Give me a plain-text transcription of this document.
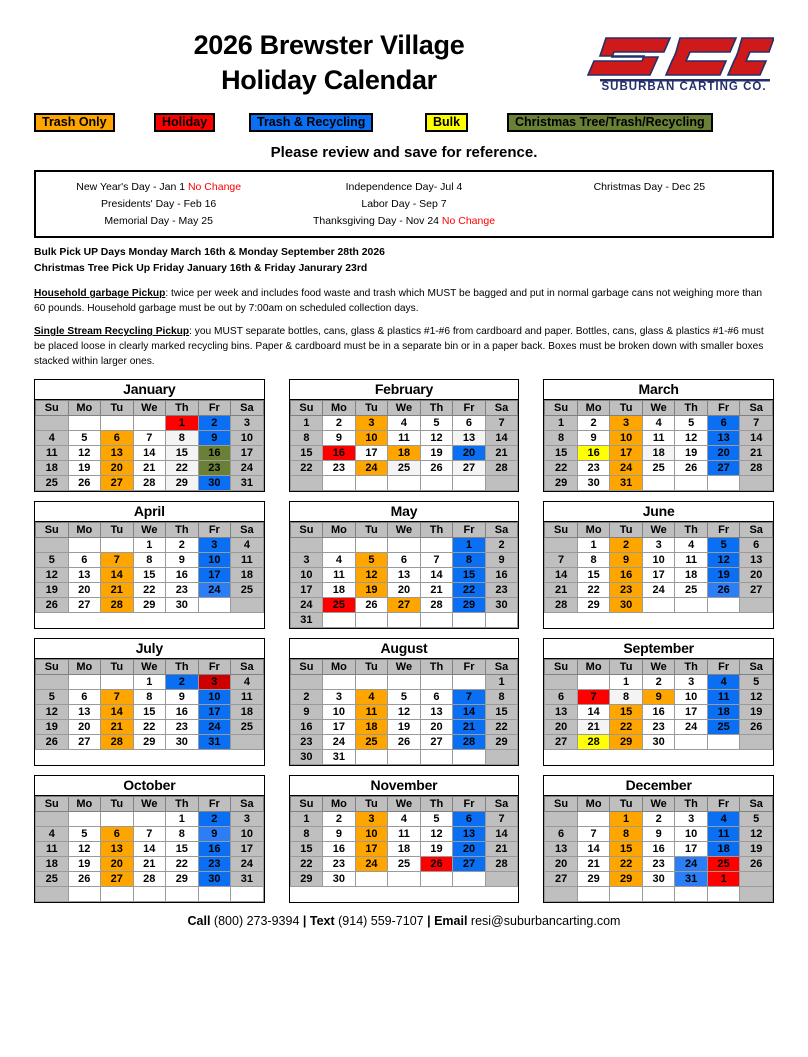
2026 Brewster Village
Holiday Calendar	SUBURBAN CARTING CO.
Trash Only	Holiday	Trash & Recycling	Bulk	Christmas Tree/Trash/Recycling
Please review and save for reference.
New Year's Day - Jan 1 No Change
Presidents' Day - Feb 16
Memorial Day - May 25
Independence Day- Jul 4
Labor Day - Sep 7
Thanksgiving Day - Nov 24 No Change
Christmas Day - Dec 25

Bulk Pick UP Days Monday March 16th & Monday September 28th 2026

Christmas Tree Pick Up Friday January 16th & Friday Janurary 23rd

Household garbage Pickup: twice per week and includes food waste and trash which MUST be bagged and put in normal garbage cans not weighing more than 60 pounds. Household garbage must be out by 7:00am on scheduled collection days.

Single Stream Recycling Pickup: you MUST separate bottles, cans, glass & plastics #1-#6 from cardboard and paper. Bottles, cans, glass & plastics #1-#6 must be placed loose in clearly marked recycling bins. Paper & cardboard must be in a separate bin or in a paper back. Boxes must be broken down with smaller boxes stacked within larger ones.

January
Su	Mo	Tu	We	Th	Fr	Sa
				1	2	3
4	5	6	7	8	9	10
11	12	13	14	15	16	17
18	19	20	21	22	23	24
25	26	27	28	29	30	31
February
Su	Mo	Tu	We	Th	Fr	Sa
1	2	3	4	5	6	7
8	9	10	11	12	13	14
15	16	17	18	19	20	21
22	23	24	25	26	27	28

March
Su	Mo	Tu	We	Th	Fr	Sa
1	2	3	4	5	6	7
8	9	10	11	12	13	14
15	16	17	18	19	20	21
22	23	24	25	26	27	28
29	30	31				
April
Su	Mo	Tu	We	Th	Fr	Sa
			1	2	3	4
5	6	7	8	9	10	11
12	13	14	15	16	17	18
19	20	21	22	23	24	25
26	27	28	29	30		
May
Su	Mo	Tu	We	Th	Fr	Sa
					1	2
3	4	5	6	7	8	9
10	11	12	13	14	15	16
17	18	19	20	21	22	23
24	25	26	27	28	29	30
31						
June
Su	Mo	Tu	We	Th	Fr	Sa
	1	2	3	4	5	6
7	8	9	10	11	12	13
14	15	16	17	18	19	20
21	22	23	24	25	26	27
28	29	30				
July
Su	Mo	Tu	We	Th	Fr	Sa
			1	2	3	4
5	6	7	8	9	10	11
12	13	14	15	16	17	18
19	20	21	22	23	24	25
26	27	28	29	30	31	
August
Su	Mo	Tu	We	Th	Fr	Sa
						1
2	3	4	5	6	7	8
9	10	11	12	13	14	15
16	17	18	19	20	21	22
23	24	25	26	27	28	29
30	31					
September
Su	Mo	Tu	We	Th	Fr	Sa
		1	2	3	4	5
6	7	8	9	10	11	12
13	14	15	16	17	18	19
20	21	22	23	24	25	26
27	28	29	30			
October
Su	Mo	Tu	We	Th	Fr	Sa
				1	2	3
4	5	6	7	8	9	10
11	12	13	14	15	16	17
18	19	20	21	22	23	24
25	26	27	28	29	30	31

November
Su	Mo	Tu	We	Th	Fr	Sa
1	2	3	4	5	6	7
8	9	10	11	12	13	14
15	16	17	18	19	20	21
22	23	24	25	26	27	28
29	30					
December
Su	Mo	Tu	We	Th	Fr	Sa
		1	2	3	4	5
6	7	8	9	10	11	12
13	14	15	16	17	18	19
20	21	22	23	24	25	26
27	29	29	30	31	1	

Call (800) 273-9394 | Text (914) 559-7107 | Email resi@suburbancarting.com
